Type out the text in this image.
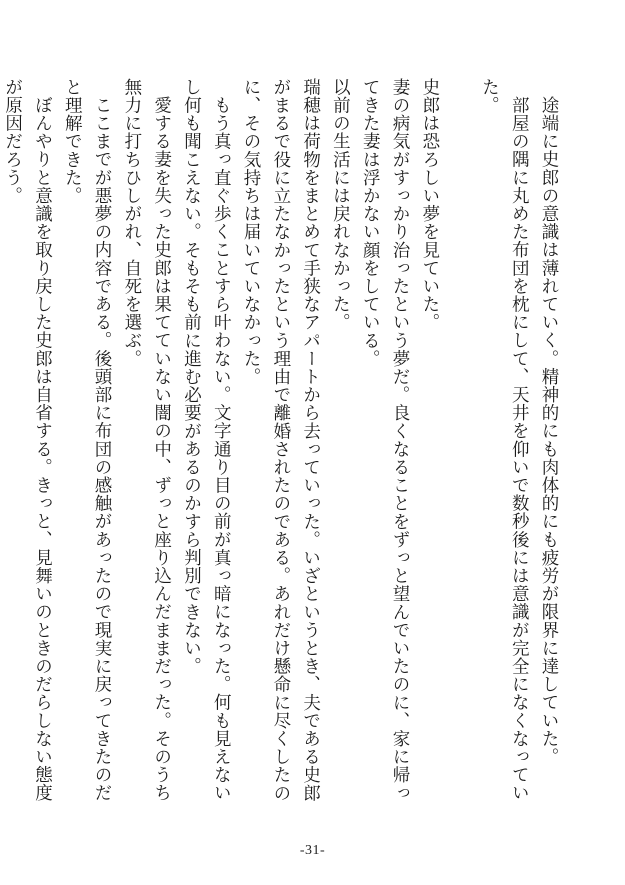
途端に史郎の意識は薄れていく。精神的にも肉体的にも疲労が限界に達していた。

部屋の隅に丸めた布団を枕にして、天井を仰いで数秒後には意識が完全になくなっていた。

史郎は恐ろしい夢を見ていた。

妻の病気がすっかり治ったという夢だ。良くなることをずっと望んでいたのに、家に帰ってきた妻は浮かない顔をしている。

以前の生活には戻れなかった。

瑞穂は荷物をまとめて手狭なアパートから去っていった。いざというとき、夫である史郎がまるで役に立たなかったという理由で離婚されたのである。あれだけ懸命に尽くしたのに、その気持ちは届いていなかった。

もう真っ直ぐ歩くことすら叶わない。文字通り目の前が真っ暗になった。何も見えないし何も聞こえない。そもそも前に進む必要があるのかすら判別できない。

愛する妻を失った史郎は果てていない闇の中、ずっと座り込んだままだった。そのうち無力に打ちひしがれ、自死を選ぶ。

ここまでが悪夢の内容である。後頭部に布団の感触があったので現実に戻ってきたのだと理解できた。

ぼんやりと意識を取り戻した史郎は自省する。きっと、見舞いのときのだらしない態度が原因だろう。

-31-
